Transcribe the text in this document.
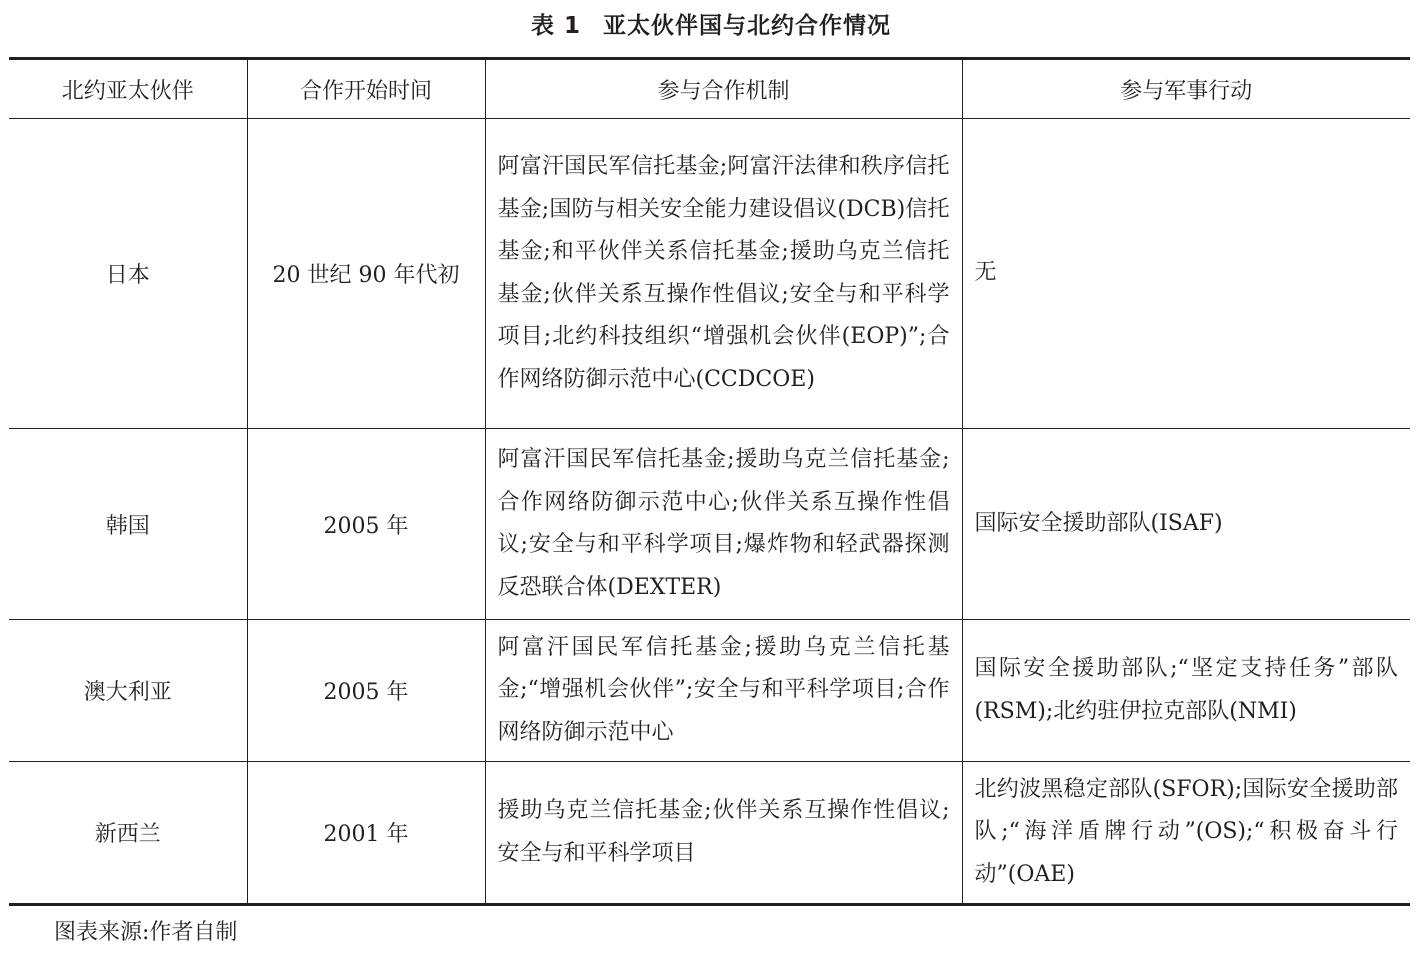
表 1 亚太伙伴国与北约合作情况
北约亚太伙伴	合作开始时间	参与合作机制	参与军事行动
日本	20 世纪 90 年代初	阿富汗国民军信托基金;阿富汗法律和秩序信托基金;国防与相关安全能力建设倡议(DCB)信托基金;和平伙伴关系信托基金;援助乌克兰信托基金;伙伴关系互操作性倡议;安全与和平科学项目;北约科技组织“增强机会伙伴(EOP)”;合作网络防御示范中心(CCDCOE)	无
韩国	2005 年	阿富汗国民军信托基金;援助乌克兰信托基金;合作网络防御示范中心;伙伴关系互操作性倡议;安全与和平科学项目;爆炸物和轻武器探测反恐联合体(DEXTER)	国际安全援助部队(ISAF)
澳大利亚	2005 年	阿富汗国民军信托基金;援助乌克兰信托基金;“增强机会伙伴”;安全与和平科学项目;合作网络防御示范中心	国际安全援助部队;“坚定支持任务”部队(RSM);北约驻伊拉克部队(NMI)
新西兰	2001 年	援助乌克兰信托基金;伙伴关系互操作性倡议;安全与和平科学项目	北约波黑稳定部队(SFOR);国际安全援助部队;“海洋盾牌行动”(OS);“积极奋斗行动”(OAE)
图表来源:作者自制
